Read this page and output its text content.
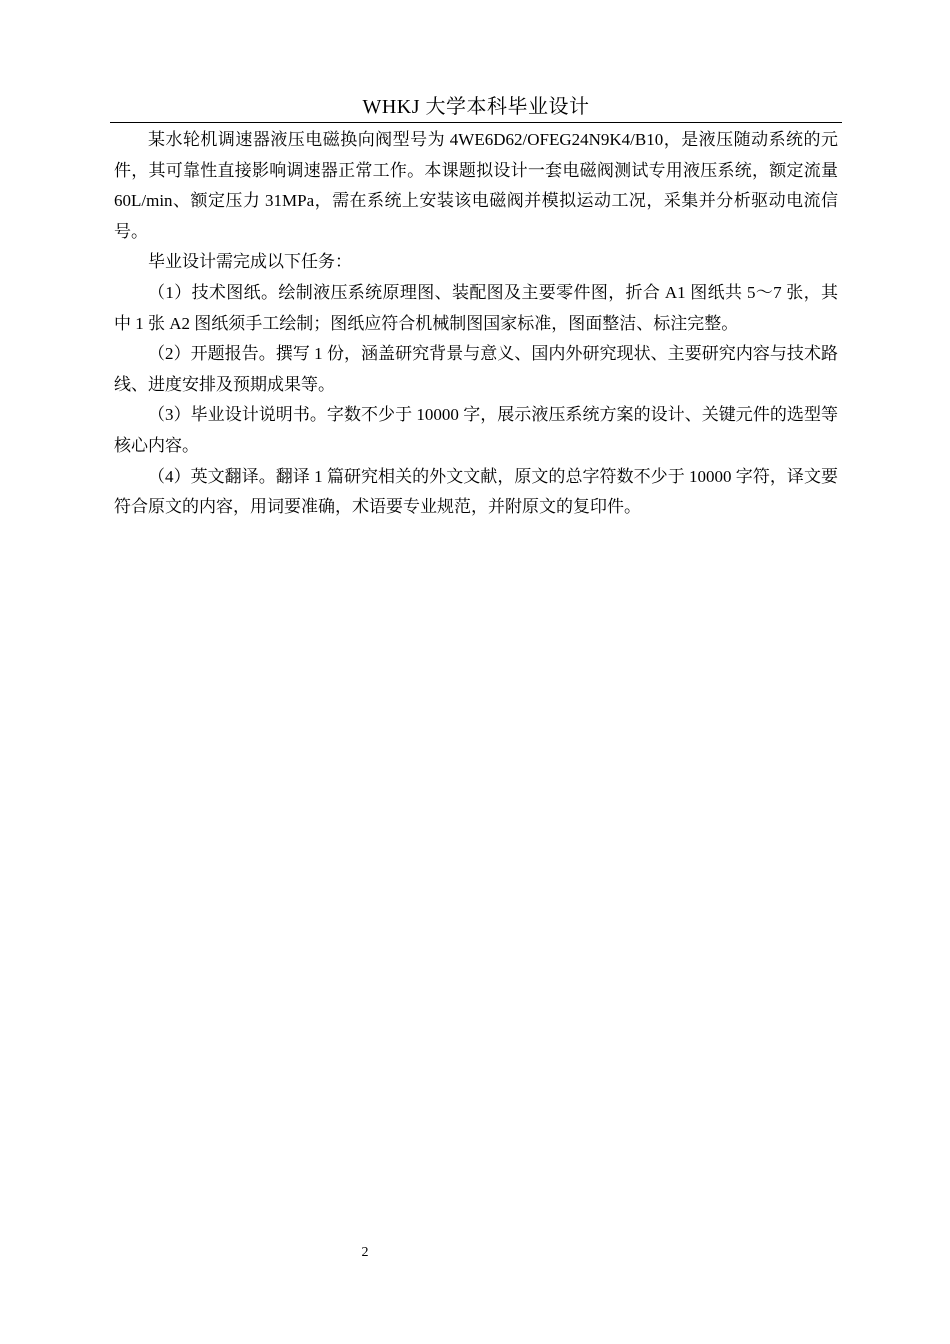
WHKJ 大学本科毕业设计

某水轮机调速器液压电磁换向阀型号为 4WE6D62/OFEG24N9K4/B10，是液压随动系统的元件，其可靠性直接影响调速器正常工作。本课题拟设计一套电磁阀测试专用液压系统，额定流量 60L/min、额定压力 31MPa，需在系统上安装该电磁阀并模拟运动工况，采集并分析驱动电流信号。

毕业设计需完成以下任务：

（1）技术图纸。绘制液压系统原理图、装配图及主要零件图，折合 A1 图纸共 5～7 张，其中 1 张 A2 图纸须手工绘制；图纸应符合机械制图国家标准，图面整洁、标注完整。

（2）开题报告。撰写 1 份，涵盖研究背景与意义、国内外研究现状、主要研究内容与技术路线、进度安排及预期成果等。

（3）毕业设计说明书。字数不少于 10000 字，展示液压系统方案的设计、关键元件的选型等核心内容。

（4）英文翻译。翻译 1 篇研究相关的外文文献，原文的总字符数不少于 10000 字符，译文要符合原文的内容，用词要准确，术语要专业规范，并附原文的复印件。

2
